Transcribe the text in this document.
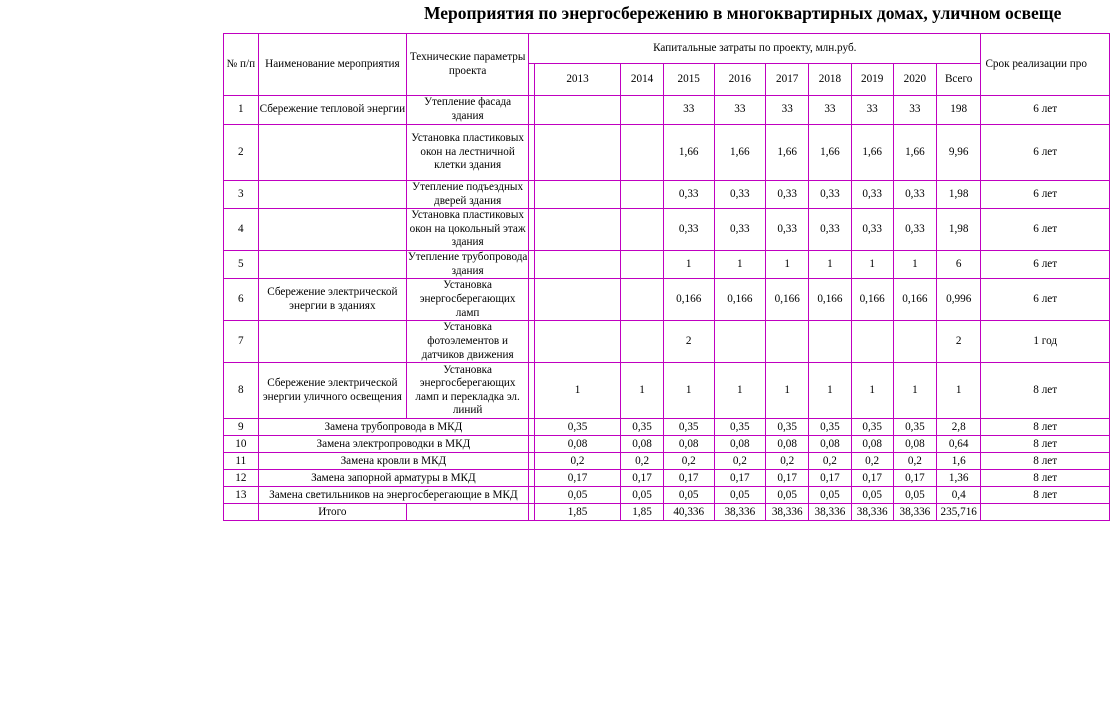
Мероприятия по энергосбережению в многоквартирных домах, уличном освеще
№ п/п	Наименование мероприятия	Технические параметры проекта	Капитальные затраты по проекту, млн.руб.										Срок реализации про
				2013	2014	2015	2016	2017	2018	2019	2020	Всего	
1	Сбережение тепловой энергии	Утепление фасада здания				33	33	33	33	33	33	198	6 лет
2		Установка пластиковых окон на лестничной клетки здания				1,66	1,66	1,66	1,66	1,66	1,66	9,96	6 лет
3		Утепление подъездных дверей здания				0,33	0,33	0,33	0,33	0,33	0,33	1,98	6 лет
4		Установка пластиковых окон на цокольный этаж здания				0,33	0,33	0,33	0,33	0,33	0,33	1,98	6 лет
5		Утепление трубопровода здания				1	1	1	1	1	1	6	6 лет
6	Сбережение электрической энергии в зданиях	Установка энергосберегающих ламп				0,166	0,166	0,166	0,166	0,166	0,166	0,996	6 лет
7		Установка фотоэлементов и датчиков движения				2						2	1 год
8	Сбережение электрической энергии уличного освещения	Установка энергосберегающих ламп и перекладка эл. линий		1	1	1	1	1	1	1	1	1	8 лет
9	Замена трубопровода в МКД			0,35	0,35	0,35	0,35	0,35	0,35	0,35	0,35	2,8	8 лет
10	Замена электропроводки в МКД			0,08	0,08	0,08	0,08	0,08	0,08	0,08	0,08	0,64	8 лет
11	Замена кровли в МКД			0,2	0,2	0,2	0,2	0,2	0,2	0,2	0,2	1,6	8 лет
12	Замена запорной арматуры в МКД			0,17	0,17	0,17	0,17	0,17	0,17	0,17	0,17	1,36	8 лет
13	Замена светильников на энергосберегающие в МКД			0,05	0,05	0,05	0,05	0,05	0,05	0,05	0,05	0,4	8 лет
	Итого			1,85	1,85	40,336	38,336	38,336	38,336	38,336	38,336	235,716	
